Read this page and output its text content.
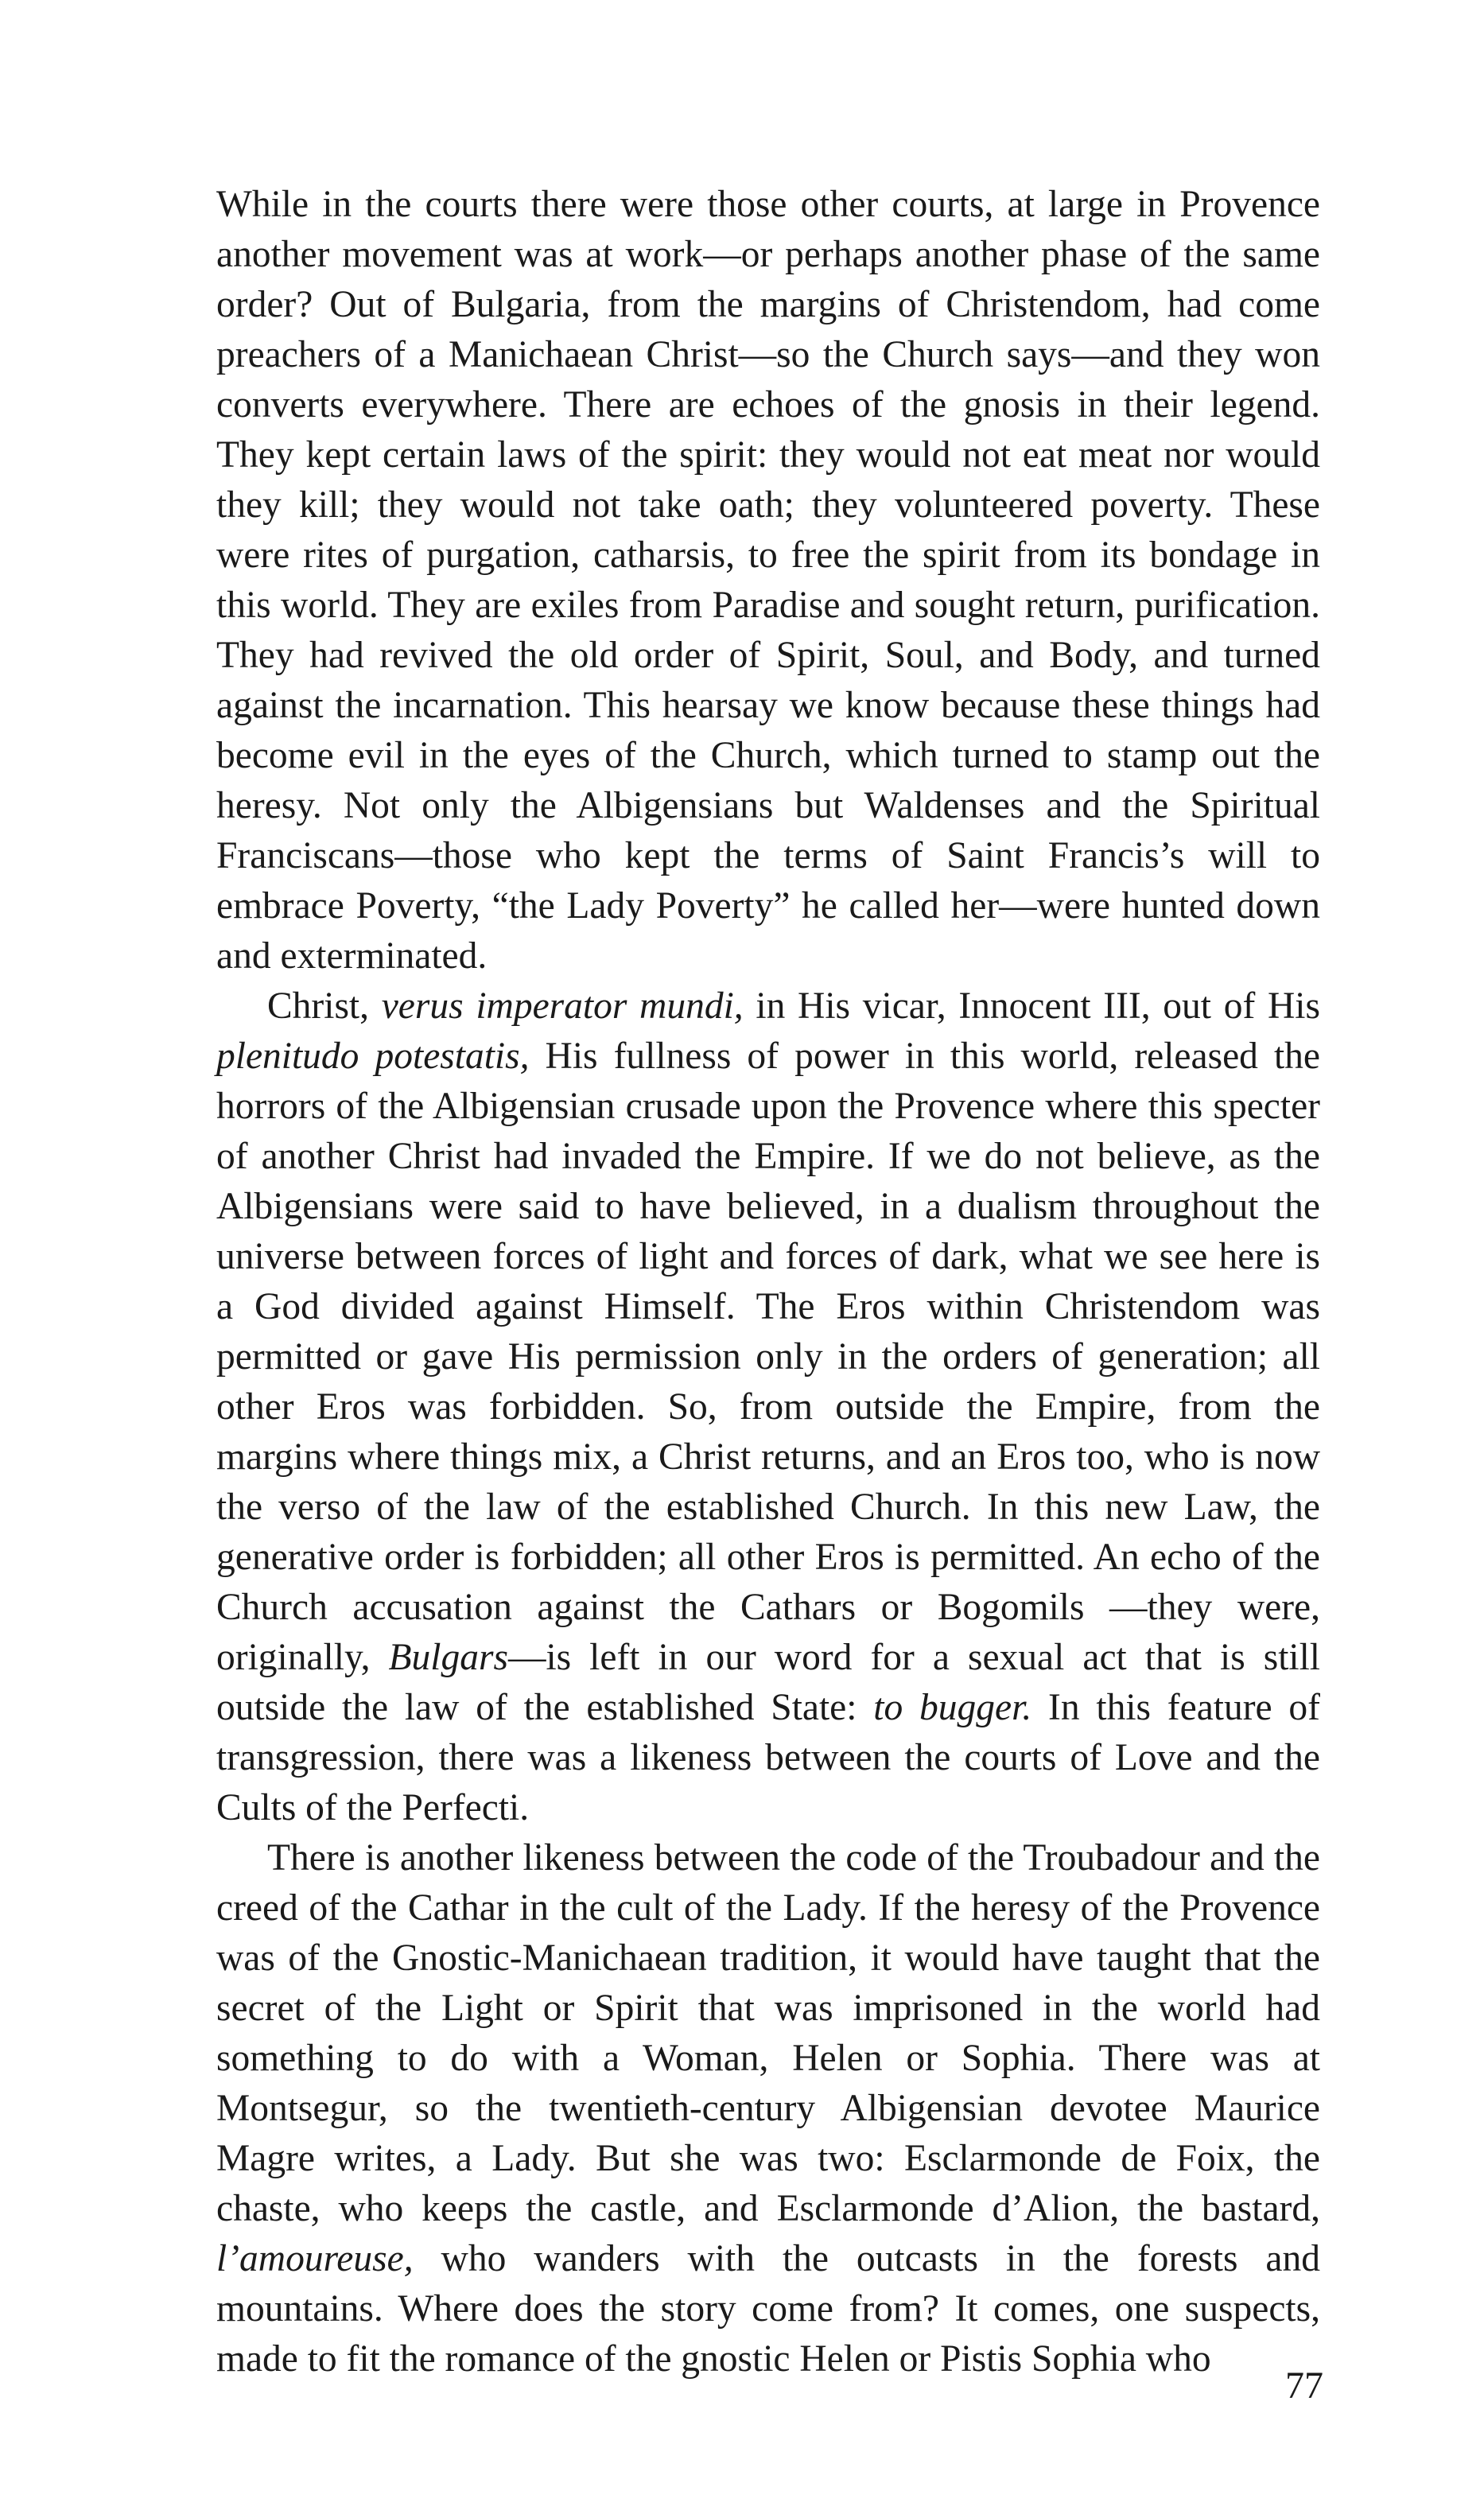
While in the courts there were those other courts, at large in Provence another movement was at work—or perhaps another phase of the same order? Out of Bulgaria, from the margins of Christendom, had come preachers of a Manichaean Christ—so the Church says—and they won converts everywhere. There are echoes of the gnosis in their legend. They kept certain laws of the spirit: they would not eat meat nor would they kill; they would not take oath; they volunteered poverty. These were rites of purgation, catharsis, to free the spirit from its bondage in this world. They are exiles from Paradise and sought return, purification. They had revived the old order of Spirit, Soul, and Body, and turned against the incarnation. This hearsay we know because these things had become evil in the eyes of the Church, which turned to stamp out the heresy. Not only the Albigensians but Waldenses and the Spiritual Franciscans—those who kept the terms of Saint Francis’s will to embrace Poverty, “the Lady Poverty” he called her—were hunted down and exterminated.

Christ, verus imperator mundi, in His vicar, Innocent III, out of His plenitudo potestatis, His fullness of power in this world, released the horrors of the Albigensian crusade upon the Provence where this specter of another Christ had invaded the Empire. If we do not believe, as the Albigensians were said to have believed, in a dualism throughout the universe between forces of light and forces of dark, what we see here is a God divided against Himself. The Eros within Christendom was permitted or gave His permission only in the orders of generation; all other Eros was forbidden. So, from outside the Empire, from the margins where things mix, a Christ returns, and an Eros too, who is now the verso of the law of the established Church. In this new Law, the generative order is forbidden; all other Eros is permitted. An echo of the Church accusation against the Cathars or Bogomils —they were, originally, Bulgars—is left in our word for a sexual act that is still outside the law of the established State: to bugger. In this feature of transgression, there was a likeness between the courts of Love and the Cults of the Perfecti.

There is another likeness between the code of the Troubadour and the creed of the Cathar in the cult of the Lady. If the heresy of the Provence was of the Gnostic-Manichaean tradition, it would have taught that the secret of the Light or Spirit that was imprisoned in the world had something to do with a Woman, Helen or Sophia. There was at Montsegur, so the twentieth-century Albigensian devotee Maurice Magre writes, a Lady. But she was two: Esclarmonde de Foix, the chaste, who keeps the castle, and Esclarmonde d’Alion, the bastard, l’amoureuse, who wanders with the outcasts in the forests and mountains. Where does the story come from? It comes, one suspects, made to fit the romance of the gnostic Helen or Pistis Sophia who

77
